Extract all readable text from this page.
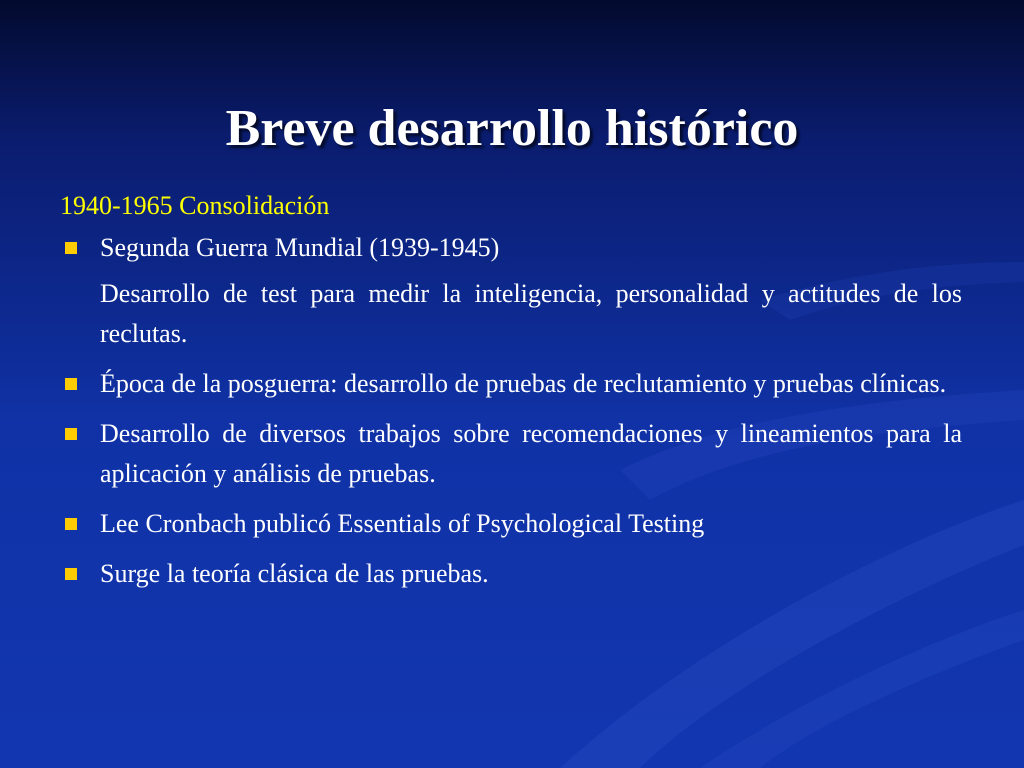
Breve desarrollo histórico
1940-1965 Consolidación

Segunda Guerra Mundial (1939-1945)

Desarrollo de test para medir la inteligencia, personalidad y actitudes de los reclutas.

Época de la posguerra: desarrollo de pruebas de reclutamiento y pruebas clínicas.

Desarrollo de diversos trabajos sobre recomendaciones y lineamientos para la aplicación y análisis de pruebas.

Lee Cronbach publicó Essentials of Psychological Testing

Surge la teoría clásica de las pruebas.
